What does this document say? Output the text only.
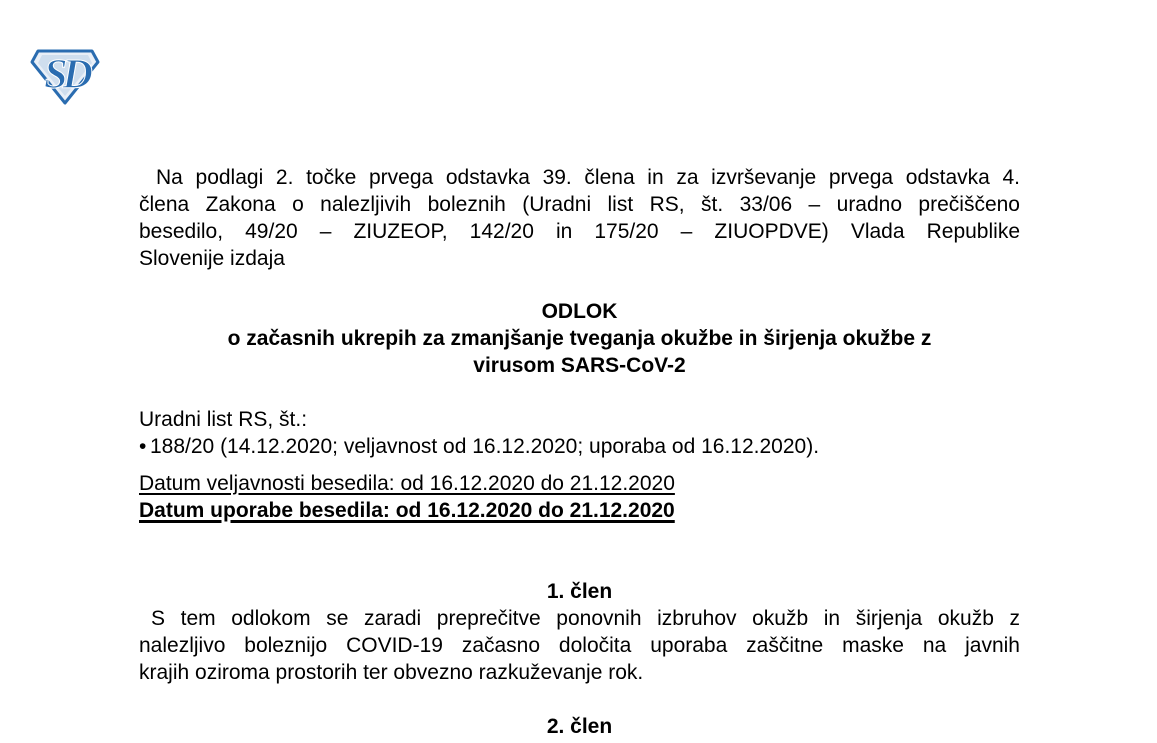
SD
Na podlagi 2. točke prvega odstavka 39. člena in za izvrševanje prvega odstavka 4.
člena Zakona o nalezljivih boleznih (Uradni list RS, št. 33/06 – uradno prečiščeno
besedilo, 49/20 – ZIUZEOP, 142/20 in 175/20 – ZIUOPDVE) Vlada Republike
Slovenije izdaja
ODLOK
o začasnih ukrepih za zmanjšanje tveganja okužbe in širjenja okužbe z
virusom SARS-CoV-2
Uradni list RS, št.:
• 188/20 (14.12.2020; veljavnost od 16.12.2020; uporaba od 16.12.2020).
Datum veljavnosti besedila: od 16.12.2020 do 21.12.2020
Datum uporabe besedila: od 16.12.2020 do 21.12.2020
1. člen
S tem odlokom se zaradi preprečitve ponovnih izbruhov okužb in širjenja okužb z
nalezljivo boleznijo COVID-19 začasno določita uporaba zaščitne maske na javnih
krajih oziroma prostorih ter obvezno razkuževanje rok.
2. člen
